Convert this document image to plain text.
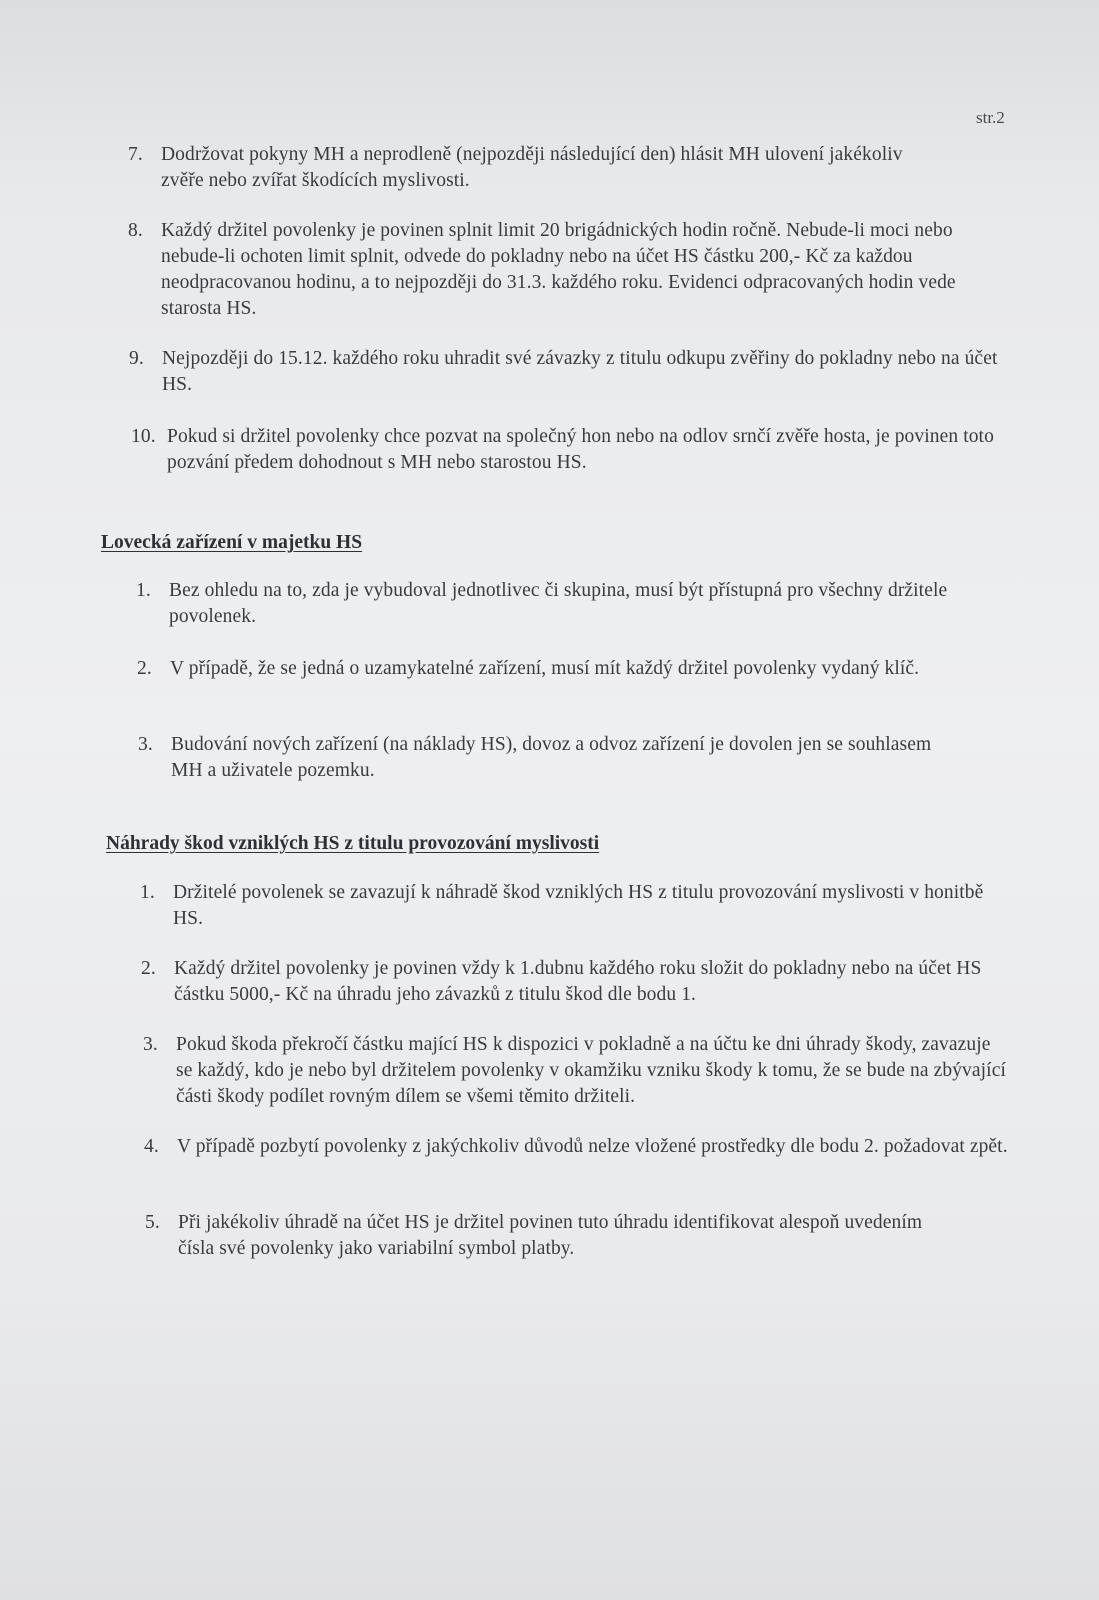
str.2
7. Dodržovat pokyny MH a neprodleně (nejpozději následující den) hlásit MH ulovení jakékoliv zvěře nebo zvířat škodících myslivosti.
8. Každý držitel povolenky je povinen splnit limit 20 brigádnických hodin ročně. Nebude-li moci nebo nebude-li ochoten limit splnit, odvede do pokladny nebo na účet HS částku 200,- Kč za každou neodpracovanou hodinu, a to nejpozději do 31.3. každého roku. Evidenci odpracovaných hodin vede starosta HS.
9. Nejpozději do 15.12. každého roku uhradit své závazky z titulu odkupu zvěřiny do pokladny nebo na účet HS.
10. Pokud si držitel povolenky chce pozvat na společný hon nebo na odlov srnčí zvěře hosta, je povinen toto pozvání předem dohodnout s MH nebo starostou HS.
Lovecká zařízení v majetku HS
1. Bez ohledu na to, zda je vybudoval jednotlivec či skupina, musí být přístupná pro všechny držitele povolenek.
2. V případě, že se jedná o uzamykatelné zařízení, musí mít každý držitel povolenky vydaný klíč.
3. Budování nových zařízení (na náklady HS), dovoz a odvoz zařízení je dovolen jen se souhlasem MH a uživatele pozemku.
Náhrady škod vzniklých HS z titulu provozování myslivosti
1. Držitelé povolenek se zavazují k náhradě škod vzniklých HS z titulu provozování myslivosti v honitbě HS.
2. Každý držitel povolenky je povinen vždy k 1.dubnu každého roku složit do pokladny nebo na účet HS částku 5000,- Kč na úhradu jeho závazků z titulu škod dle bodu 1.
3. Pokud škoda překročí částku mající HS k dispozici v pokladně a na účtu ke dni úhrady škody, zavazuje se každý, kdo je nebo byl držitelem povolenky v okamžiku vzniku škody k tomu, že se bude na zbývající části škody podílet rovným dílem se všemi těmito držiteli.
4. V případě pozbytí povolenky z jakýchkoliv důvodů nelze vložené prostředky dle bodu 2. požadovat zpět.
5. Při jakékoliv úhradě na účet HS je držitel povinen tuto úhradu identifikovat alespoň uvedením čísla své povolenky jako variabilní symbol platby.
